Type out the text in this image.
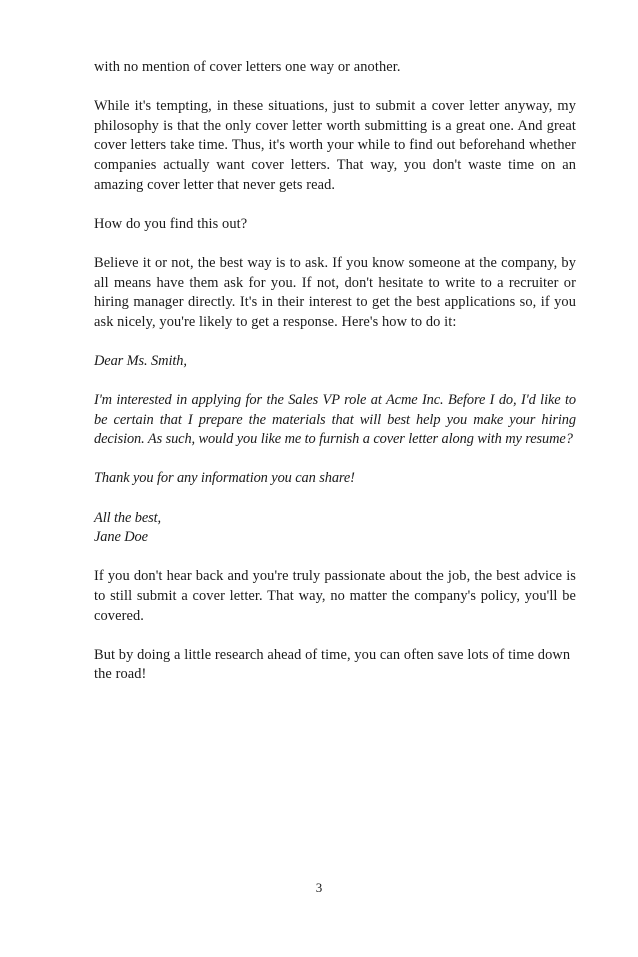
with no mention of cover letters one way or another.

While it's tempting, in these situations, just to submit a cover letter anyway, my philosophy is that the only cover letter worth submitting is a great one. And great cover letters take time. Thus, it's worth your while to find out beforehand whether companies actually want cover letters. That way, you don't waste time on an amazing cover letter that never gets read.

How do you find this out?

Believe it or not, the best way is to ask. If you know someone at the company, by all means have them ask for you. If not, don't hesitate to write to a recruiter or hiring manager directly. It's in their interest to get the best applications so, if you ask nicely, you're likely to get a response. Here's how to do it:

Dear Ms. Smith,

I'm interested in applying for the Sales VP role at Acme Inc. Before I do, I'd like to be certain that I prepare the materials that will best help you make your hiring decision. As such, would you like me to furnish a cover letter along with my resume?

Thank you for any information you can share!

All the best,
Jane Doe

If you don't hear back and you're truly passionate about the job, the best advice is to still submit a cover letter. That way, no matter the company's policy, you'll be covered.

But by doing a little research ahead of time, you can often save lots of time down the road!

3
